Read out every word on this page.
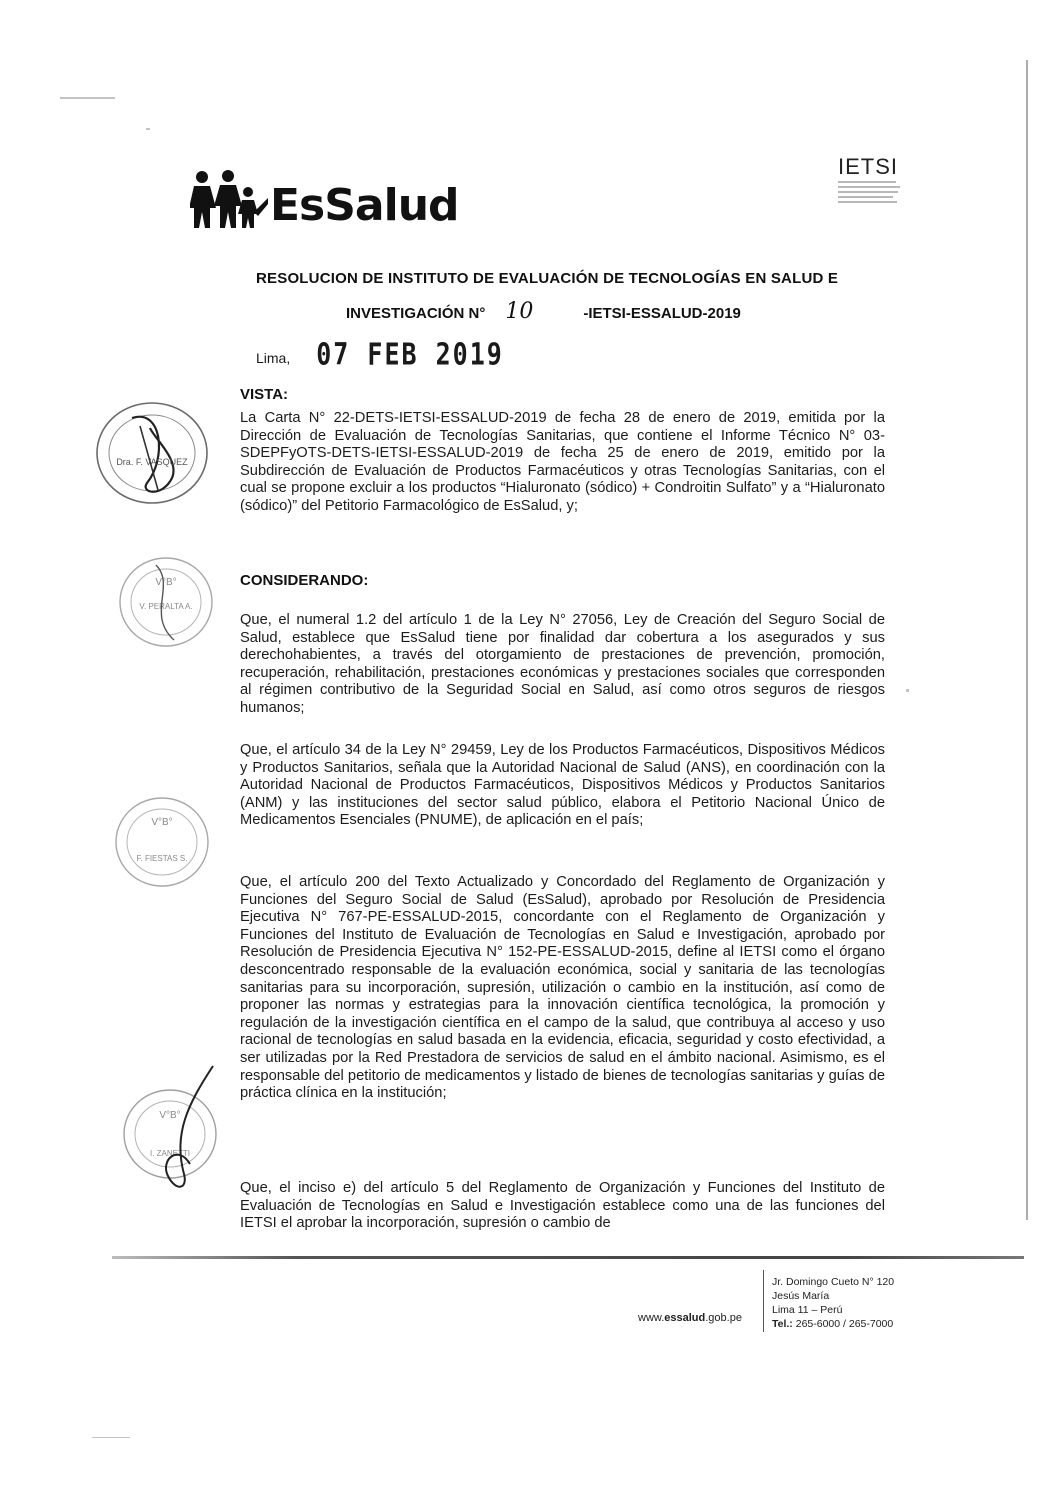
EsSalud
IETSI
RESOLUCION DE INSTITUTO DE EVALUACIÓN DE TECNOLOGÍAS EN SALUD E
INVESTIGACIÓN N° 10	-IETSI-ESSALUD-2019
Lima, 07 FEB 2019
VISTA:
La Carta N° 22-DETS-IETSI-ESSALUD-2019 de fecha 28 de enero de 2019, emitida por la Dirección de Evaluación de Tecnologías Sanitarias, que contiene el Informe Técnico N° 03-SDEPFyOTS-DETS-IETSI-ESSALUD-2019 de fecha 25 de enero de 2019, emitido por la Subdirección de Evaluación de Productos Farmacéuticos y otras Tecnologías Sanitarias, con el cual se propone excluir a los productos “Hialuronato (sódico) + Condroitin Sulfato” y a “Hialuronato (sódico)” del Petitorio Farmacológico de EsSalud, y;
CONSIDERANDO:
Que, el numeral 1.2 del artículo 1 de la Ley N° 27056, Ley de Creación del Seguro Social de Salud, establece que EsSalud tiene por finalidad dar cobertura a los asegurados y sus derechohabientes, a través del otorgamiento de prestaciones de prevención, promoción, recuperación, rehabilitación, prestaciones económicas y prestaciones sociales que corresponden al régimen contributivo de la Seguridad Social en Salud, así como otros seguros de riesgos humanos;
Que, el artículo 34 de la Ley N° 29459, Ley de los Productos Farmacéuticos, Dispositivos Médicos y Productos Sanitarios, señala que la Autoridad Nacional de Salud (ANS), en coordinación con la Autoridad Nacional de Productos Farmacéuticos, Dispositivos Médicos y Productos Sanitarios (ANM) y las instituciones del sector salud público, elabora el Petitorio Nacional Único de Medicamentos Esenciales (PNUME), de aplicación en el país;
Que, el artículo 200 del Texto Actualizado y Concordado del Reglamento de Organización y Funciones del Seguro Social de Salud (EsSalud), aprobado por Resolución de Presidencia Ejecutiva N° 767-PE-ESSALUD-2015, concordante con el Reglamento de Organización y Funciones del Instituto de Evaluación de Tecnologías en Salud e Investigación, aprobado por Resolución de Presidencia Ejecutiva N° 152-PE-ESSALUD-2015, define al IETSI como el órgano desconcentrado responsable de la evaluación económica, social y sanitaria de las tecnologías sanitarias para su incorporación, supresión, utilización o cambio en la institución, así como de proponer las normas y estrategias para la innovación científica tecnológica, la promoción y regulación de la investigación científica en el campo de la salud, que contribuya al acceso y uso racional de tecnologías en salud basada en la evidencia, eficacia, seguridad y costo efectividad, a ser utilizadas por la Red Prestadora de servicios de salud en el ámbito nacional. Asimismo, es el responsable del petitorio de medicamentos y listado de bienes de tecnologías sanitarias y guías de práctica clínica en la institución;
Que, el inciso e) del artículo 5 del Reglamento de Organización y Funciones del Instituto de Evaluación de Tecnologías en Salud e Investigación establece como una de las funciones del IETSI el aprobar la incorporación, supresión o cambio de
Dra. F. VASQUEZ
V°B°
V. PERALTA A.
V°B°
F. FIESTAS S.
V°B°
I. ZANETTI
www.essalud.gob.pe
Jr. Domingo Cueto N° 120
Jesús María
Lima 11 – Perú
Tel.: 265-6000 / 265-7000
